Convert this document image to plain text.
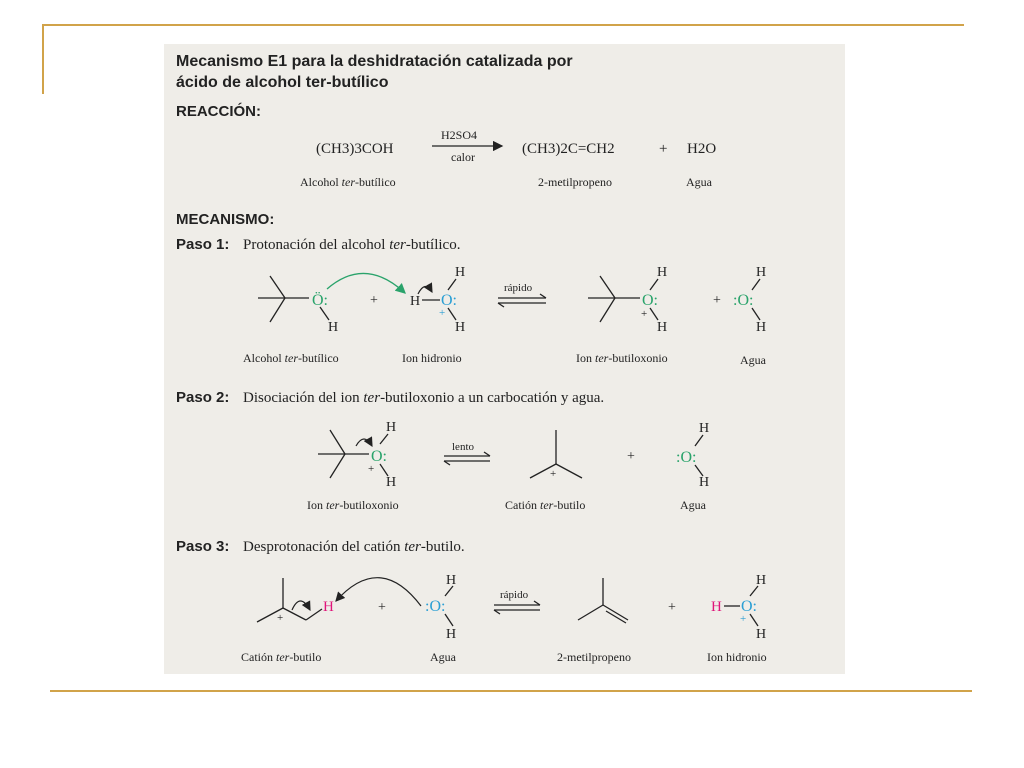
Mecanismo E1 para la deshidratación catalizada por
ácido de alcohol ter-butílico
REACCIÓN:
(CH3)3COH
H2SO4
calor	(CH3)2C=CH2	+ H2O
Alcohol ter-butílico	2-metilpropeno	Agua
MECANISMO:
Paso 1: Protonación del alcohol ter-butílico.
Ö:
H
+ H O:
+
H
H
rápido
O:
+
H
H
+ :O:
H
H
Alcohol ter-butílico	Ion hidronio	Ion ter-butiloxonio	Agua
Paso 2: Disociación del ion ter-butiloxonio a un carbocatión y agua.
O:
+
H
H
lento
+
+	:O:
H
H
Ion ter-butiloxonio	Catión ter-butilo	Agua
Paso 3: Desprotonación del catión ter-butilo.
+
H	+ :O:
H
H
rápido
+ H O:
+
H
H
Catión ter-butilo	Agua	2-metilpropeno	Ion hidronio
